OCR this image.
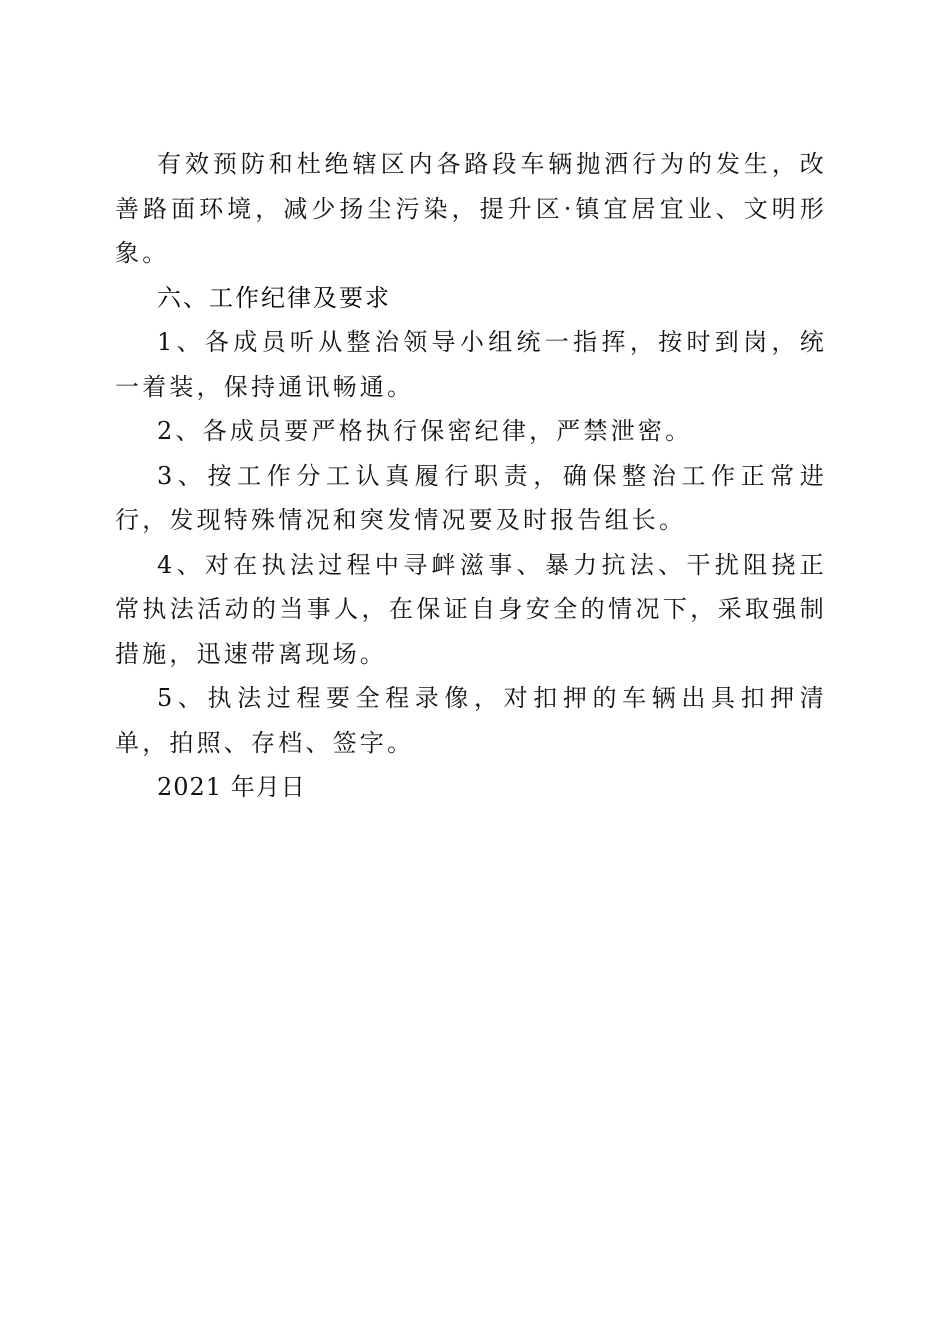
有效预防和杜绝辖区内各路段车辆抛洒行为的发生，改善路面环境，减少扬尘污染，提升区·镇宜居宜业、文明形象。

六、工作纪律及要求

1、各成员听从整治领导小组统一指挥，按时到岗，统一着装，保持通讯畅通。

2、各成员要严格执行保密纪律，严禁泄密。

3、按工作分工认真履行职责，确保整治工作正常进行，发现特殊情况和突发情况要及时报告组长。

4、对在执法过程中寻衅滋事、暴力抗法、干扰阻挠正常执法活动的当事人，在保证自身安全的情况下，采取强制措施，迅速带离现场。

5、执法过程要全程录像，对扣押的车辆出具扣押清单，拍照、存档、签字。

2021 年月日
